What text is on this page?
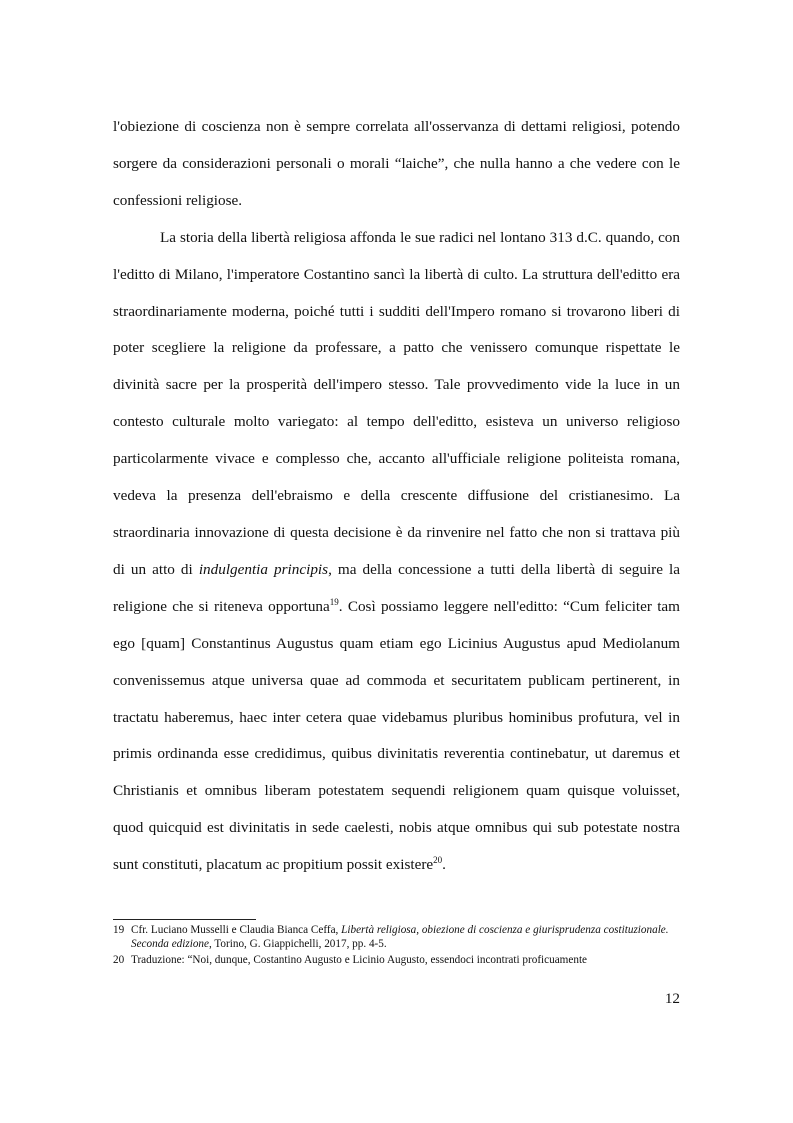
l'obiezione di coscienza non è sempre correlata all'osservanza di dettami religiosi, potendo sorgere da considerazioni personali o morali “laiche”, che nulla hanno a che vedere con le confessioni religiose.

La storia della libertà religiosa affonda le sue radici nel lontano 313 d.C. quando, con l'editto di Milano, l'imperatore Costantino sancì la libertà di culto. La struttura dell'editto era straordinariamente moderna, poiché tutti i sudditi dell'Impero romano si trovarono liberi di poter scegliere la religione da professare, a patto che venissero comunque rispettate le divinità sacre per la prosperità dell'impero stesso. Tale provvedimento vide la luce in un contesto culturale molto variegato: al tempo dell'editto, esisteva un universo religioso particolarmente vivace e complesso che, accanto all'ufficiale religione politeista romana, vedeva la presenza dell'ebraismo e della crescente diffusione del cristianesimo. La straordinaria innovazione di questa decisione è da rinvenire nel fatto che non si trattava più di un atto di indulgentia principis, ma della concessione a tutti della libertà di seguire la religione che si riteneva opportuna$^{19}$. Così possiamo leggere nell'editto: “Cum feliciter tam ego [quam] Constantinus Augustus quam etiam ego Licinius Augustus apud Mediolanum convenissemus atque universa quae ad commoda et securitatem publicam pertinerent, in tractatu haberemus, haec inter cetera quae videbamus pluribus hominibus profutura, vel in primis ordinanda esse credidimus, quibus divinitatis reverentia continebatur, ut daremus et Christianis et omnibus liberam potestatem sequendi religionem quam quisque voluisset, quod quicquid est divinitatis in sede caelesti, nobis atque omnibus qui sub potestate nostra sunt constituti, placatum ac propitium possit existere$^{20}$.

19 Cfr. Luciano Musselli e Claudia Bianca Ceffa, Libertà religiosa, obiezione di coscienza e giurisprudenza costituzionale. Seconda edizione, Torino, G. Giappichelli, 2017, pp. 4-5.
20 Traduzione: “Noi, dunque, Costantino Augusto e Licinio Augusto, essendoci incontrati proficuamente
12
